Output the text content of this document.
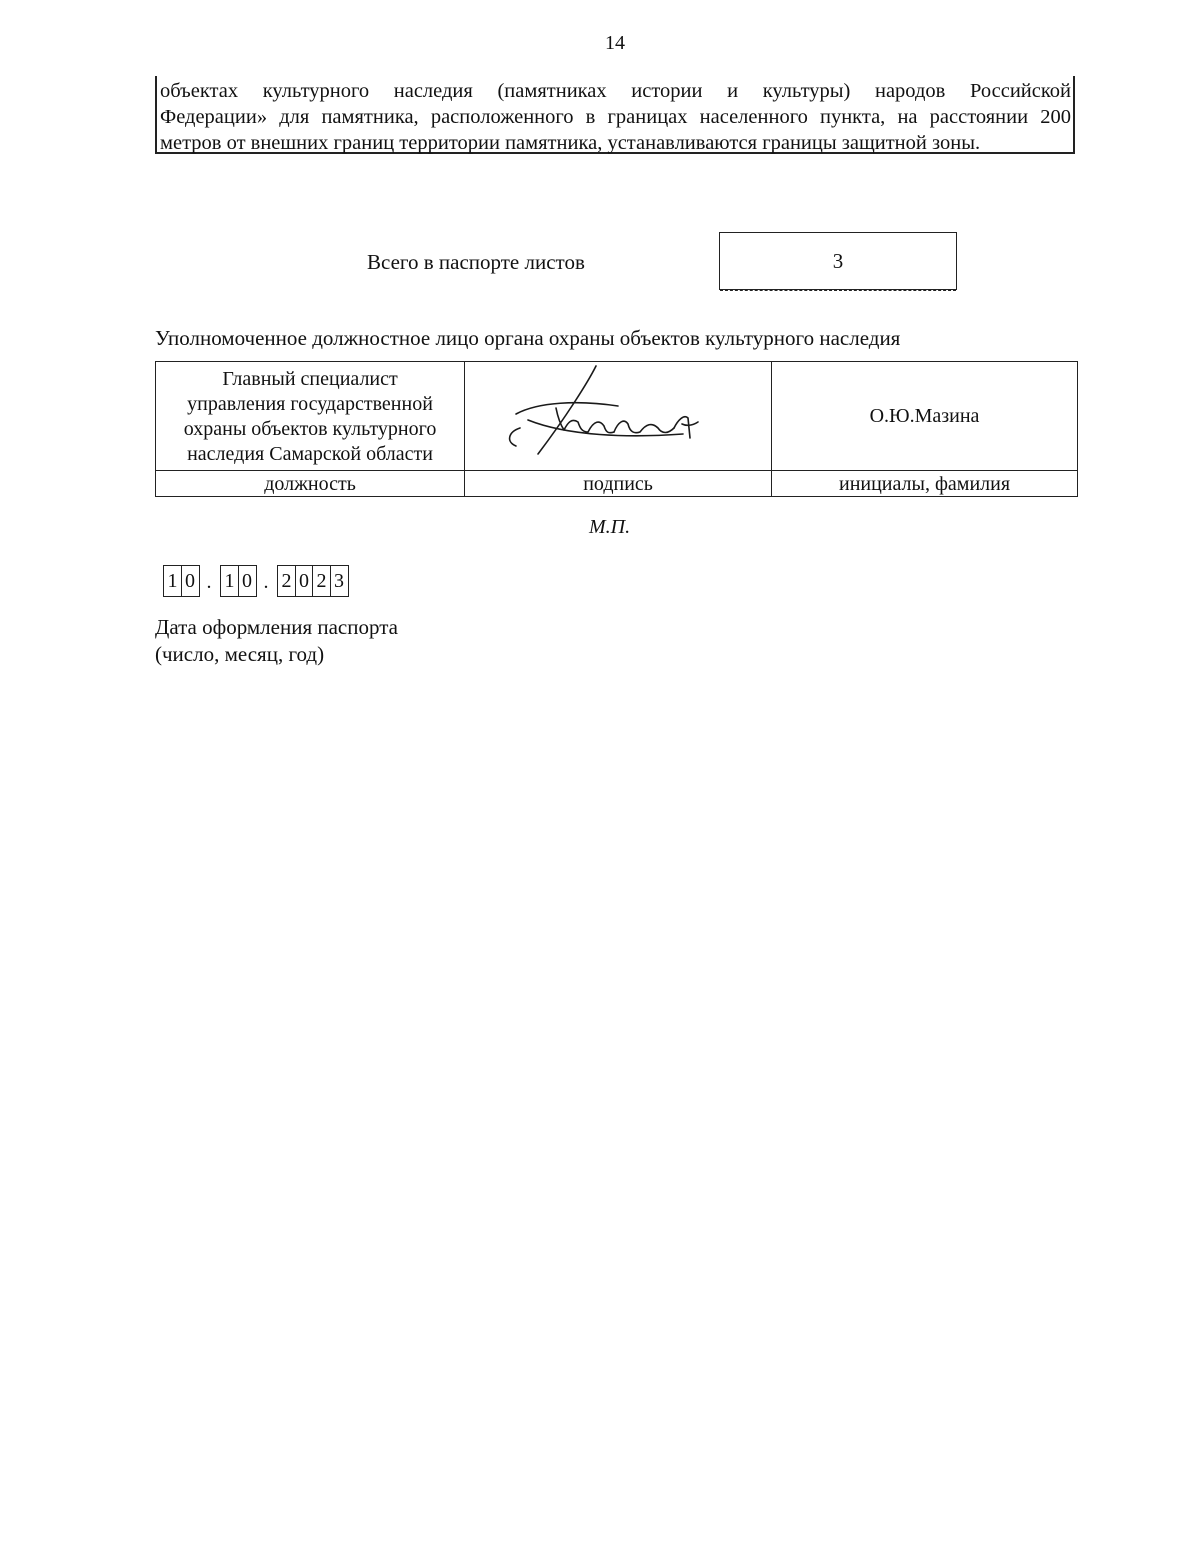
14
объектах культурного наследия (памятниках истории и культуры) народов Российской
Федерации» для памятника, расположенного в границах населенного пункта, на расстоянии 200
метров от внешних границ территории памятника, устанавливаются границы защитной зоны.
Всего в паспорте листов	3
Уполномоченное должностное лицо органа охраны объектов культурного наследия
Главный специалист
управления государственной
охраны объектов культурного
наследия Самарской области		О.Ю.Мазина
должность	подпись	инициалы, фамилия
М.П.
1 0 . 1 0 . 2 0 2 3
Дата оформления паспорта
(число, месяц, год)
